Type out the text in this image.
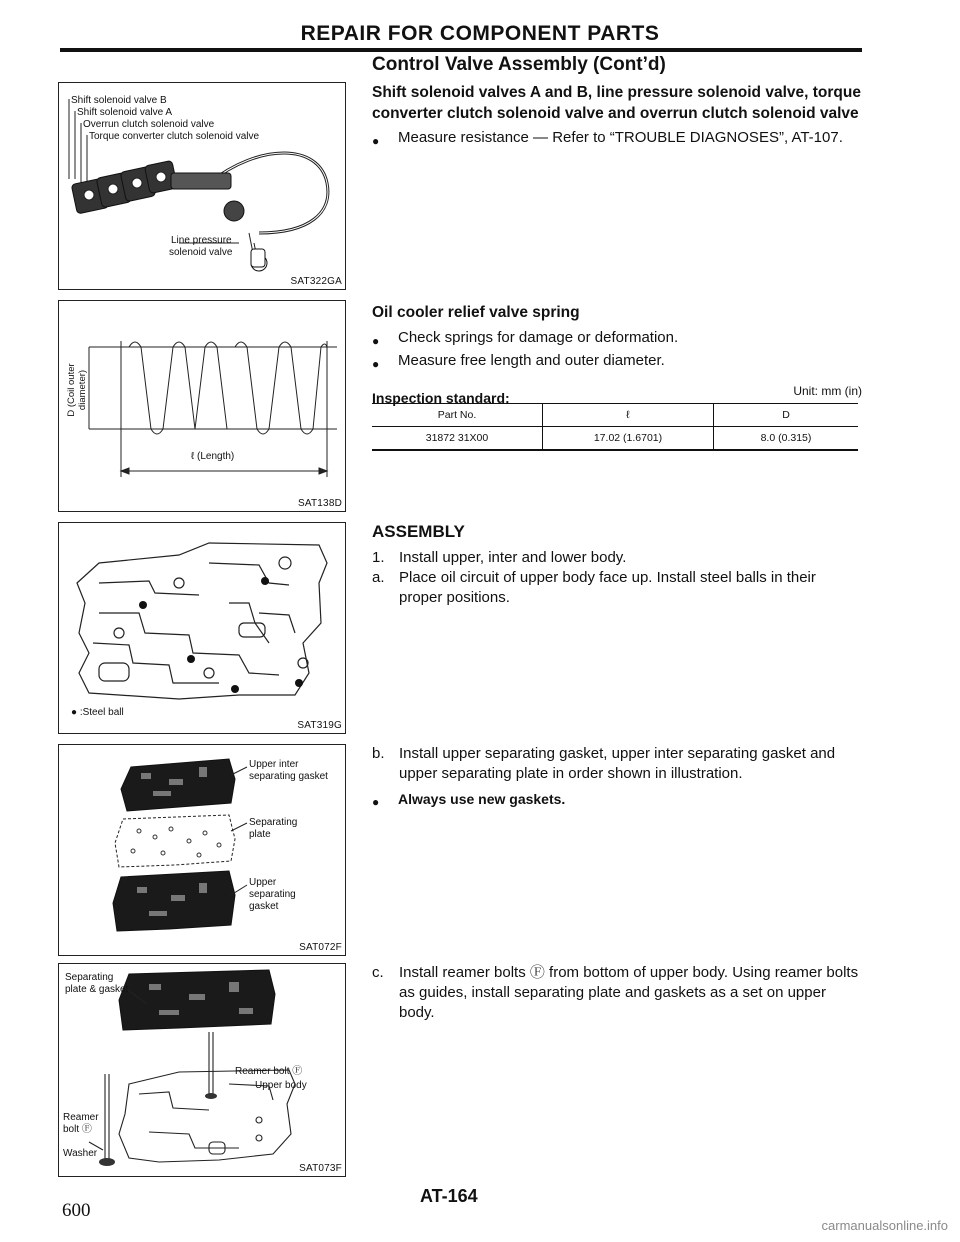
REPAIR FOR COMPONENT PARTS
Control Valve Assembly (Cont’d)
Shift solenoid valves A and B, line pressure solenoid valve, torque converter clutch solenoid valve and overrun clutch solenoid valve
●	Measure resistance — Refer to “TROUBLE DIAGNOSES”, AT-107.
Oil cooler relief valve spring
●	Check springs for damage or deformation.
●	Measure free length and outer diameter.
Inspection standard:	Unit: mm (in)
Part No.	ℓ	D
31872 31X00	17.02 (1.6701)	8.0 (0.315)
ASSEMBLY
1. Install upper, inter and lower body.
a. Place oil circuit of upper body face up. Install steel balls in their proper positions.
b. Install upper separating gasket, upper inter separating gasket and upper separating plate in order shown in illustration.
●	Always use new gaskets.
c.	Install reamer bolts Ⓕ from bottom of upper body. Using reamer bolts as guides, install separating plate and gaskets as a set on upper body.
Shift solenoid valve B
Shift solenoid valve A
Overrun clutch solenoid valve
Torque converter clutch solenoid valve
Line pressure
solenoid valve
SAT322GA
D (Coil outer diameter)
ℓ (Length)
SAT138D
● :Steel ball
SAT319G
Upper inter separating gasket
Separating plate
Upper separating gasket
SAT072F
Separating plate & gasket
Reamer bolt Ⓕ
Upper body
Reamer bolt Ⓕ
Washer
SAT073F
600
AT-164
carmanualsonline.info
